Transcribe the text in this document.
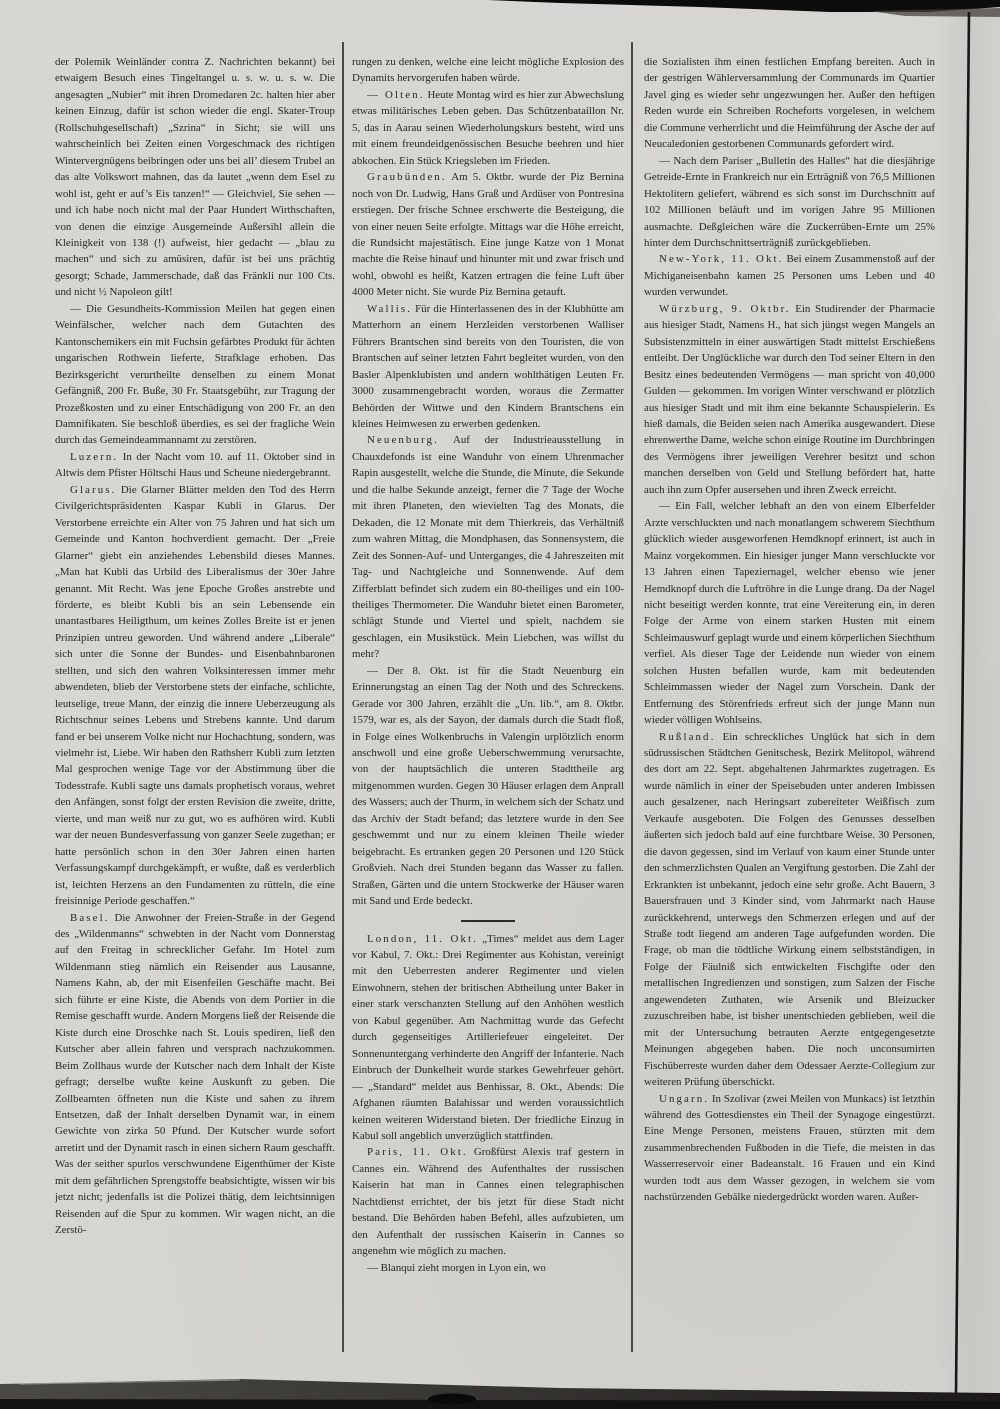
der Polemik Weinländer contra Z. Nachrichten bekannt) bei etwaigem Besuch eines Tingeltangel u. s. w. u. s. w. Die angesagten „Nubier“ mit ihren Dromedaren 2c. halten hier aber keinen Einzug, dafür ist schon wieder die engl. Skater-Troup (Rollschuhgesellschaft) „Szrina“ in Sicht; sie will uns wahrscheinlich bei Zeiten einen Vorgeschmack des richtigen Wintervergnügens beibringen oder uns bei all’ diesem Trubel an das alte Volkswort mahnen, das da lautet „wenn dem Esel zu wohl ist, geht er auf’s Eis tanzen!“ — Gleichviel, Sie sehen — und ich habe noch nicht mal der Paar Hundert Wirthschaften, von denen die einzige Ausgemeinde Außersihl allein die Kleinigkeit von 138 (!) aufweist, hier gedacht — „blau zu machen“ und sich zu amüsiren, dafür ist bei uns prächtig gesorgt; Schade, Jammerschade, daß das Fränkli nur 100 Cts. und nicht ½ Napoleon gilt!

— Die Gesundheits-Kommission Meilen hat gegen einen Weinfälscher, welcher nach dem Gutachten des Kantonschemikers ein mit Fuchsin gefärbtes Produkt für ächten ungarischen Rothwein lieferte, Strafklage erhoben. Das Bezirksgericht verurtheilte denselben zu einem Monat Gefängniß, 200 Fr. Buße, 30 Fr. Staatsgebühr, zur Tragung der Prozeßkosten und zu einer Entschädigung von 200 Fr. an den Damnifikaten. Sie beschloß überdies, es sei der fragliche Wein durch das Gemeindeammannamt zu zerstören.

Luzern. In der Nacht vom 10. auf 11. Oktober sind in Altwis dem Pfister Höltschi Haus und Scheune niedergebrannt.

Glarus. Die Glarner Blätter melden den Tod des Herrn Civilgerichtspräsidenten Kaspar Kubli in Glarus. Der Verstorbene erreichte ein Alter von 75 Jahren und hat sich um Gemeinde und Kanton hochverdient gemacht. Der „Freie Glarner“ giebt ein anziehendes Lebensbild dieses Mannes. „Man hat Kubli das Urbild des Liberalismus der 30er Jahre genannt. Mit Recht. Was jene Epoche Großes anstrebte und förderte, es bleibt Kubli bis an sein Lebensende ein unantastbares Heiligthum, um keines Zolles Breite ist er jenen Prinzipien untreu geworden. Und während andere „Liberale“ sich unter die Sonne der Bundes- und Eisenbahnbaronen stellten, und sich den wahren Volksinteressen immer mehr abwendeten, blieb der Verstorbene stets der einfache, schlichte, leutselige, treue Mann, der einzig die innere Ueberzeugung als Richtschnur seines Lebens und Strebens kannte. Und darum fand er bei unserem Volke nicht nur Hochachtung, sondern, was vielmehr ist, Liebe. Wir haben den Rathsherr Kubli zum letzten Mal gesprochen wenige Tage vor der Abstimmung über die Todesstrafe. Kubli sagte uns damals prophetisch voraus, wehret den Anfängen, sonst folgt der ersten Revision die zweite, dritte, vierte, und man weiß nur zu gut, wo es aufhören wird. Kubli war der neuen Bundesverfassung von ganzer Seele zugethan; er hatte persönlich schon in den 30er Jahren einen harten Verfassungskampf durchgekämpft, er wußte, daß es verderblich ist, leichten Herzens an den Fundamenten zu rütteln, die eine freisinnige Periode geschaffen.“

Basel. Die Anwohner der Freien-Straße in der Gegend des „Wildenmanns“ schwebten in der Nacht vom Donnerstag auf den Freitag in schrecklicher Gefahr. Im Hotel zum Wildenmann stieg nämlich ein Reisender aus Lausanne, Namens Kahn, ab, der mit Eisenfeilen Geschäfte macht. Bei sich führte er eine Kiste, die Abends von dem Portier in die Remise geschafft wurde. Andern Morgens ließ der Reisende die Kiste durch eine Droschke nach St. Louis spediren, ließ den Kutscher aber allein fahren und versprach nachzukommen. Beim Zollhaus wurde der Kutscher nach dem Inhalt der Kiste gefragt; derselbe wußte keine Auskunft zu geben. Die Zollbeamten öffneten nun die Kiste und sahen zu ihrem Entsetzen, daß der Inhalt derselben Dynamit war, in einem Gewichte von zirka 50 Pfund. Der Kutscher wurde sofort arretirt und der Dynamit rasch in einen sichern Raum geschafft. Was der seither spurlos verschwundene Eigenthümer der Kiste mit dem gefährlichen Sprengstoffe beabsichtigte, wissen wir bis jetzt nicht; jedenfalls ist die Polizei thätig, dem leichtsinnigen Reisenden auf die Spur zu kommen. Wir wagen nicht, an die Zerstö-

rungen zu denken, welche eine leicht mögliche Explosion des Dynamits hervorgerufen haben würde.

— Olten. Heute Montag wird es hier zur Abwechslung etwas militärisches Leben geben. Das Schützenbataillon Nr. 5, das in Aarau seinen Wiederholungskurs besteht, wird uns mit einem freundeidgenössischen Besuche beehren und hier abkochen. Ein Stück Kriegsleben im Frieden.

Graubünden. Am 5. Oktbr. wurde der Piz Bernina noch von Dr. Ludwig, Hans Graß und Ardüser von Pontresina erstiegen. Der frische Schnee erschwerte die Besteigung, die von einer neuen Seite erfolgte. Mittags war die Höhe erreicht, die Rundsicht majestätisch. Eine junge Katze von 1 Monat machte die Reise hinauf und hinunter mit und zwar frisch und wohl, obwohl es heißt, Katzen ertragen die feine Luft über 4000 Meter nicht. Sie wurde Piz Bernina getauft.

Wallis. Für die Hinterlassenen des in der Klubhütte am Matterhorn an einem Herzleiden verstorbenen Walliser Führers Brantschen sind bereits von den Touristen, die von Brantschen auf seiner letzten Fahrt begleitet wurden, von den Basler Alpenklubisten und andern wohlthätigen Leuten Fr. 3000 zusammengebracht worden, woraus die Zermatter Behörden der Wittwe und den Kindern Brantschens ein kleines Heimwesen zu erwerben gedenken.

Neuenburg. Auf der Industrieausstellung in Chauxdefonds ist eine Wanduhr von einem Uhrenmacher Rapin ausgestellt, welche die Stunde, die Minute, die Sekunde und die halbe Sekunde anzeigt, ferner die 7 Tage der Woche mit ihren Planeten, den wievielten Tag des Monats, die Dekaden, die 12 Monate mit dem Thierkreis, das Verhältniß zum wahren Mittag, die Mondphasen, das Sonnensystem, die Zeit des Sonnen-Auf- und Unterganges, die 4 Jahreszeiten mit Tag- und Nachtgleiche und Sonnenwende. Auf dem Zifferblatt befindet sich zudem ein 80-theiliges und ein 100-theiliges Thermometer. Die Wanduhr bietet einen Barometer, schlägt Stunde und Viertel und spielt, nachdem sie geschlagen, ein Musikstück. Mein Liebchen, was willst du mehr?

— Der 8. Okt. ist für die Stadt Neuenburg ein Erinnerungstag an einen Tag der Noth und des Schreckens. Gerade vor 300 Jahren, erzählt die „Un. lib.“, am 8. Oktbr. 1579, war es, als der Sayon, der damals durch die Stadt floß, in Folge eines Wolkenbruchs in Valengin urplötzlich enorm anschwoll und eine große Ueberschwemmung verursachte, von der hauptsächlich die unteren Stadttheile arg mitgenommen wurden. Gegen 30 Häuser erlagen dem Anprall des Wassers; auch der Thurm, in welchem sich der Schatz und das Archiv der Stadt befand; das letztere wurde in den See geschwemmt und nur zu einem kleinen Theile wieder beigebracht. Es ertranken gegen 20 Personen und 120 Stück Großvieh. Nach drei Stunden begann das Wasser zu fallen. Straßen, Gärten und die untern Stockwerke der Häuser waren mit Sand und Erde bedeckt.

London, 11. Okt. „Times“ meldet aus dem Lager vor Kabul, 7. Okt.: Drei Regimenter aus Kohistan, vereinigt mit den Ueberresten anderer Regimenter und vielen Einwohnern, stehen der britischen Abtheilung unter Baker in einer stark verschanzten Stellung auf den Anhöhen westlich von Kabul gegenüber. Am Nachmittag wurde das Gefecht durch gegenseitiges Artilleriefeuer eingeleitet. Der Sonnenuntergang verhinderte den Angriff der Infanterie. Nach Einbruch der Dunkelheit wurde starkes Gewehrfeuer gehört. — „Standard“ meldet aus Benhissar, 8. Okt., Abends: Die Afghanen räumten Balahissar und werden voraussichtlich keinen weiteren Widerstand bieten. Der friedliche Einzug in Kabul soll angeblich unverzüglich stattfinden.

Paris, 11. Okt. Großfürst Alexis traf gestern in Cannes ein. Während des Aufenthaltes der russischen Kaiserin hat man in Cannes einen telegraphischen Nachtdienst errichtet, der bis jetzt für diese Stadt nicht bestand. Die Behörden haben Befehl, alles aufzubieten, um den Aufenthalt der russischen Kaiserin in Cannes so angenehm wie möglich zu machen.

— Blanqui zieht morgen in Lyon ein, wo

die Sozialisten ihm einen festlichen Empfang bereiten. Auch in der gestrigen Wählerversammlung der Communards im Quartier Javel ging es wieder sehr ungezwungen her. Außer den heftigen Reden wurde ein Schreiben Rocheforts vorgelesen, in welchem die Commune verherrlicht und die Heimführung der Asche der auf Neucaledonien gestorbenen Communards gefordert wird.

— Nach dem Pariser „Bulletin des Halles“ hat die diesjährige Getreide-Ernte in Frankreich nur ein Erträgniß von 76,5 Millionen Hektolitern geliefert, während es sich sonst im Durchschnitt auf 102 Millionen beläuft und im vorigen Jahre 95 Millionen ausmachte. Deßgleichen wäre die Zuckerrüben-Ernte um 25% hinter dem Durchschnittserträgniß zurückgeblieben.

New-York, 11. Okt. Bei einem Zusammenstoß auf der Michiganeisenbahn kamen 25 Personen ums Leben und 40 wurden verwundet.

Würzburg, 9. Oktbr. Ein Studirender der Pharmacie aus hiesiger Stadt, Namens H., hat sich jüngst wegen Mangels an Subsistenzmitteln in einer auswärtigen Stadt mittelst Erschießens entleibt. Der Unglückliche war durch den Tod seiner Eltern in den Besitz eines bedeutenden Vermögens — man spricht von 40,000 Gulden — gekommen. Im vorigen Winter verschwand er plötzlich aus hiesiger Stadt und mit ihm eine bekannte Schauspielerin. Es hieß damals, die Beiden seien nach Amerika ausgewandert. Diese ehrenwerthe Dame, welche schon einige Routine im Durchbringen des Vermögens ihrer jeweiligen Verehrer besitzt und schon manchen derselben von Geld und Stellung befördert hat, hatte auch ihn zum Opfer ausersehen und ihren Zweck erreicht.

— Ein Fall, welcher lebhaft an den von einem Elberfelder Arzte verschluckten und nach monatlangem schwerem Siechthum glücklich wieder ausgeworfenen Hemdknopf erinnert, ist auch in Mainz vorgekommen. Ein hiesiger junger Mann verschluckte vor 13 Jahren einen Tapeziernagel, welcher ebenso wie jener Hemdknopf durch die Luftröhre in die Lunge drang. Da der Nagel nicht beseitigt werden konnte, trat eine Vereiterung ein, in deren Folge der Arme von einem starken Husten mit einem Schleimauswurf geplagt wurde und einem körperlichen Siechthum verfiel. Als dieser Tage der Leidende nun wieder von einem solchen Husten befallen wurde, kam mit bedeutenden Schleimmassen wieder der Nagel zum Vorschein. Dank der Entfernung des Störenfrieds erfreut sich der junge Mann nun wieder völligen Wohlseins.

Rußland. Ein schreckliches Unglück hat sich in dem südrussischen Städtchen Genitschesk, Bezirk Melitopol, während des dort am 22. Sept. abgehaltenen Jahrmarktes zugetragen. Es wurde nämlich in einer der Speisebuden unter anderen Imbissen auch gesalzener, nach Heringsart zubereiteter Weißfisch zum Verkaufe ausgeboten. Die Folgen des Genusses desselben äußerten sich jedoch bald auf eine furchtbare Weise. 30 Personen, die davon gegessen, sind im Verlauf von kaum einer Stunde unter den schmerzlichsten Qualen an Vergiftung gestorben. Die Zahl der Erkrankten ist unbekannt, jedoch eine sehr große. Acht Bauern, 3 Bauersfrauen und 3 Kinder sind, vom Jahrmarkt nach Hause zurückkehrend, unterwegs den Schmerzen erlegen und auf der Straße todt liegend am anderen Tage aufgefunden worden. Die Frage, ob man die tödtliche Wirkung einem selbstständigen, in Folge der Fäulniß sich entwickelten Fischgifte oder den metallischen Ingredienzen und sonstigen, zum Salzen der Fische angewendeten Zuthaten, wie Arsenik und Bleizucker zuzuschreiben habe, ist bisher unentschieden geblieben, weil die mit der Untersuchung betrauten Aerzte entgegengesetzte Meinungen abgegeben haben. Die noch unconsumirten Fischüberreste wurden daher dem Odessaer Aerzte-Collegium zur weiteren Prüfung überschickt.

Ungarn. In Szolivar (zwei Meilen von Munkacs) ist letzthin während des Gottesdienstes ein Theil der Synagoge eingestürzt. Eine Menge Personen, meistens Frauen, stürzten mit dem zusammenbrechenden Fußboden in die Tiefe, die meisten in das Wasserreservoir einer Badeanstalt. 16 Frauen und ein Kind wurden todt aus dem Wasser gezogen, in welchem sie vom nachstürzenden Gebälke niedergedrückt worden waren. Außer-
